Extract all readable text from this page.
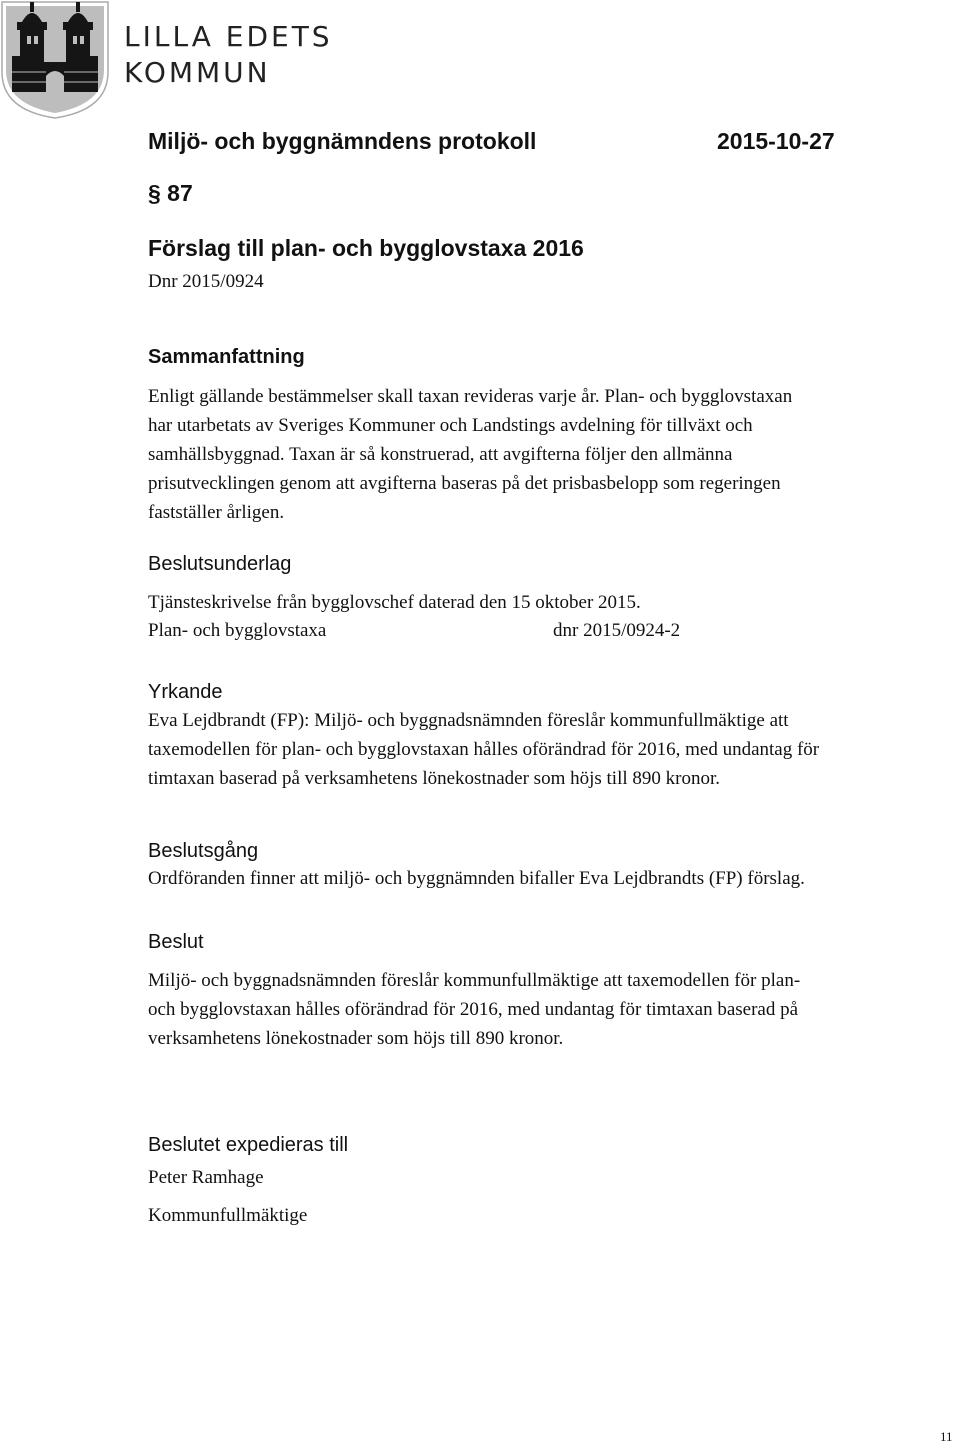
LILLA EDETS
KOMMUN
Miljö- och byggnämndens protokoll	2015-10-27
§ 87
Förslag till plan- och bygglovstaxa 2016
Dnr 2015/0924
Sammanfattning
Enligt gällande bestämmelser skall taxan revideras varje år. Plan- och bygglovstaxan
har utarbetats av Sveriges Kommuner och Landstings avdelning för tillväxt och
samhällsbyggnad. Taxan är så konstruerad, att avgifterna följer den allmänna
prisutvecklingen genom att avgifterna baseras på det prisbasbelopp som regeringen
fastställer årligen.
Beslutsunderlag
Tjänsteskrivelse från bygglovschef daterad den 15 oktober 2015.
Plan- och bygglovstaxa	dnr 2015/0924-2
Yrkande
Eva Lejdbrandt (FP): Miljö- och byggnadsnämnden föreslår kommunfullmäktige att
taxemodellen för plan- och bygglovstaxan hålles oförändrad för 2016, med undantag för
timtaxan baserad på verksamhetens lönekostnader som höjs till 890 kronor.
Beslutsgång
Ordföranden finner att miljö- och byggnämnden bifaller Eva Lejdbrandts (FP) förslag.
Beslut
Miljö- och byggnadsnämnden föreslår kommunfullmäktige att taxemodellen för plan-
och bygglovstaxan hålles oförändrad för 2016, med undantag för timtaxan baserad på
verksamhetens lönekostnader som höjs till 890 kronor.
Beslutet expedieras till
Peter Ramhage
Kommunfullmäktige
11
